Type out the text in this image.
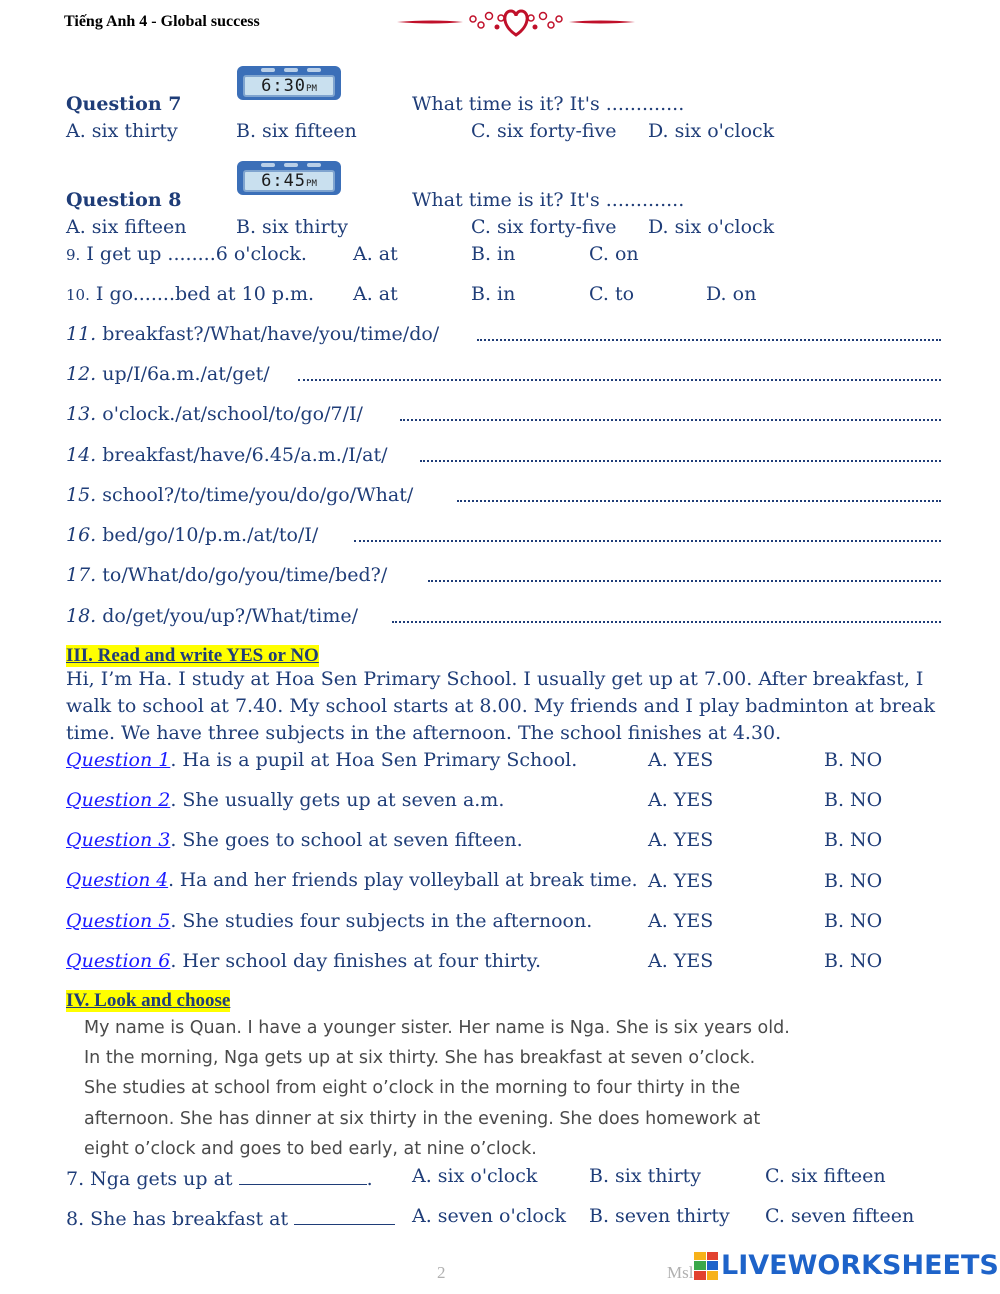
Tiếng Anh 4 - Global success
Question 7
6:30PM
What time is it? It's .............
A. six thirty	B. six fifteen	C. six forty-five D. six o'clock
Question 8
6:45PM
What time is it? It's .............
A. six fifteen	B. six thirty	C. six forty-five D. six o'clock
9. I get up ........6 o'clock. A. at	B. in	C. on
10. I go.......bed at 10 p.m. A. at	B. in	C. to	D. on
11. breakfast?/What/have/you/time/do/
12. up/I/6a.m./at/get/
13. o'clock./at/school/to/go/7/I/
14. breakfast/have/6.45/a.m./I/at/
15. school?/to/time/you/do/go/What/
16. bed/go/10/p.m./at/to/I/
17. to/What/do/go/you/time/bed?/
18. do/get/you/up?/What/time/
III. Read and write YES or NO
Hi, I’m Ha. I study at Hoa Sen Primary School. I usually get up at 7.00. After breakfast, I
walk to school at 7.40. My school starts at 8.00. My friends and I play badminton at break
time. We have three subjects in the afternoon. The school finishes at 4.30.
Question 1. Ha is a pupil at Hoa Sen Primary School.	A. YES	B. NO
Question 2. She usually gets up at seven a.m.	A. YES	B. NO
Question 3. She goes to school at seven fifteen.	A. YES	B. NO
Question 4. Ha and her friends play volleyball at break time. A. YES	B. NO
Question 5. She studies four subjects in the afternoon.	A. YES	B. NO
Question 6. Her school day finishes at four thirty.	A. YES	B. NO
IV. Look and choose

My name is Quan. I have a younger sister. Her name is Nga. She is six years old.

In the morning, Nga gets up at six thirty. She has breakfast at seven o’clock.

She studies at school from eight o’clock in the morning to four thirty in the

afternoon. She has dinner at six thirty in the evening. She does homework at

eight o’clock and goes to bed early, at nine o’clock.

7. Nga gets up at	. A. six o'clock	B. six thirty	C. six fifteen
8. She has breakfast at	A. seven o'clock B. seven thirty C. seven fifteen
2	Msl LIVEWORKSHEETS
